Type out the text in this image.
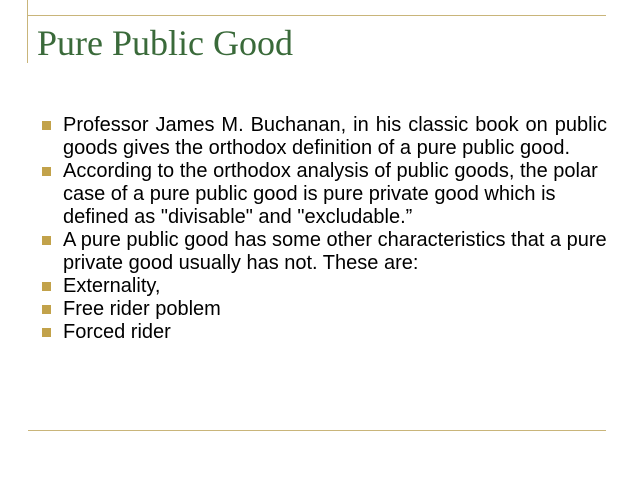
Pure Public Good
Professor James M. Buchanan, in his classic book on public goods gives the orthodox definition of a pure public good.
According to the orthodox analysis of public goods, the polar case of a pure public good is pure private good which is defined as "divisable" and "excludable.”
A pure public good has some other characteristics that a pure private good usually has not. These are:
Externality,
Free rider poblem
Forced rider
